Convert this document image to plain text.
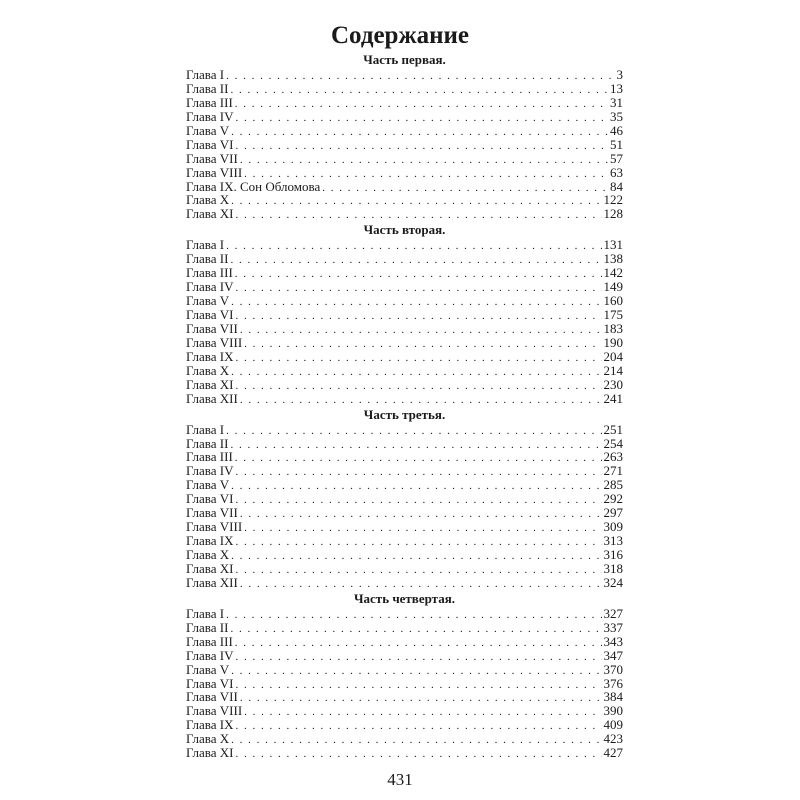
Содержание
Часть первая.
Глава I . . .	3
Глава II . . .	13
Глава III . . .	31
Глава IV . . .	35
Глава V . . .	46
Глава VI . . .	51
Глава VII . . .	57
Глава VIII . . .	63
Глава IX. Сон Обломова . . .	84
Глава X . . .	122
Глава XI . . .	128
Часть вторая.
Глава I . . .	131
Глава II . . .	138
Глава III . . .	142
Глава IV . . .	149
Глава V . . .	160
Глава VI . . .	175
Глава VII . . .	183
Глава VIII . . .	190
Глава IX . . .	204
Глава X . . .	214
Глава XI . . .	230
Глава XII . . .	241
Часть третья.
Глава I . . .	251
Глава II . . .	254
Глава III . . .	263
Глава IV . . .	271
Глава V . . .	285
Глава VI . . .	292
Глава VII . . .	297
Глава VIII . . .	309
Глава IX . . .	313
Глава X . . .	316
Глава XI . . .	318
Глава XII . . .	324
Часть четвертая.
Глава I . . .	327
Глава II . . .	337
Глава III . . .	343
Глава IV . . .	347
Глава V . . .	370
Глава VI . . .	376
Глава VII . . .	384
Глава VIII . . .	390
Глава IX . . .	409
Глава X . . .	423
Глава XI . . .	427
431
